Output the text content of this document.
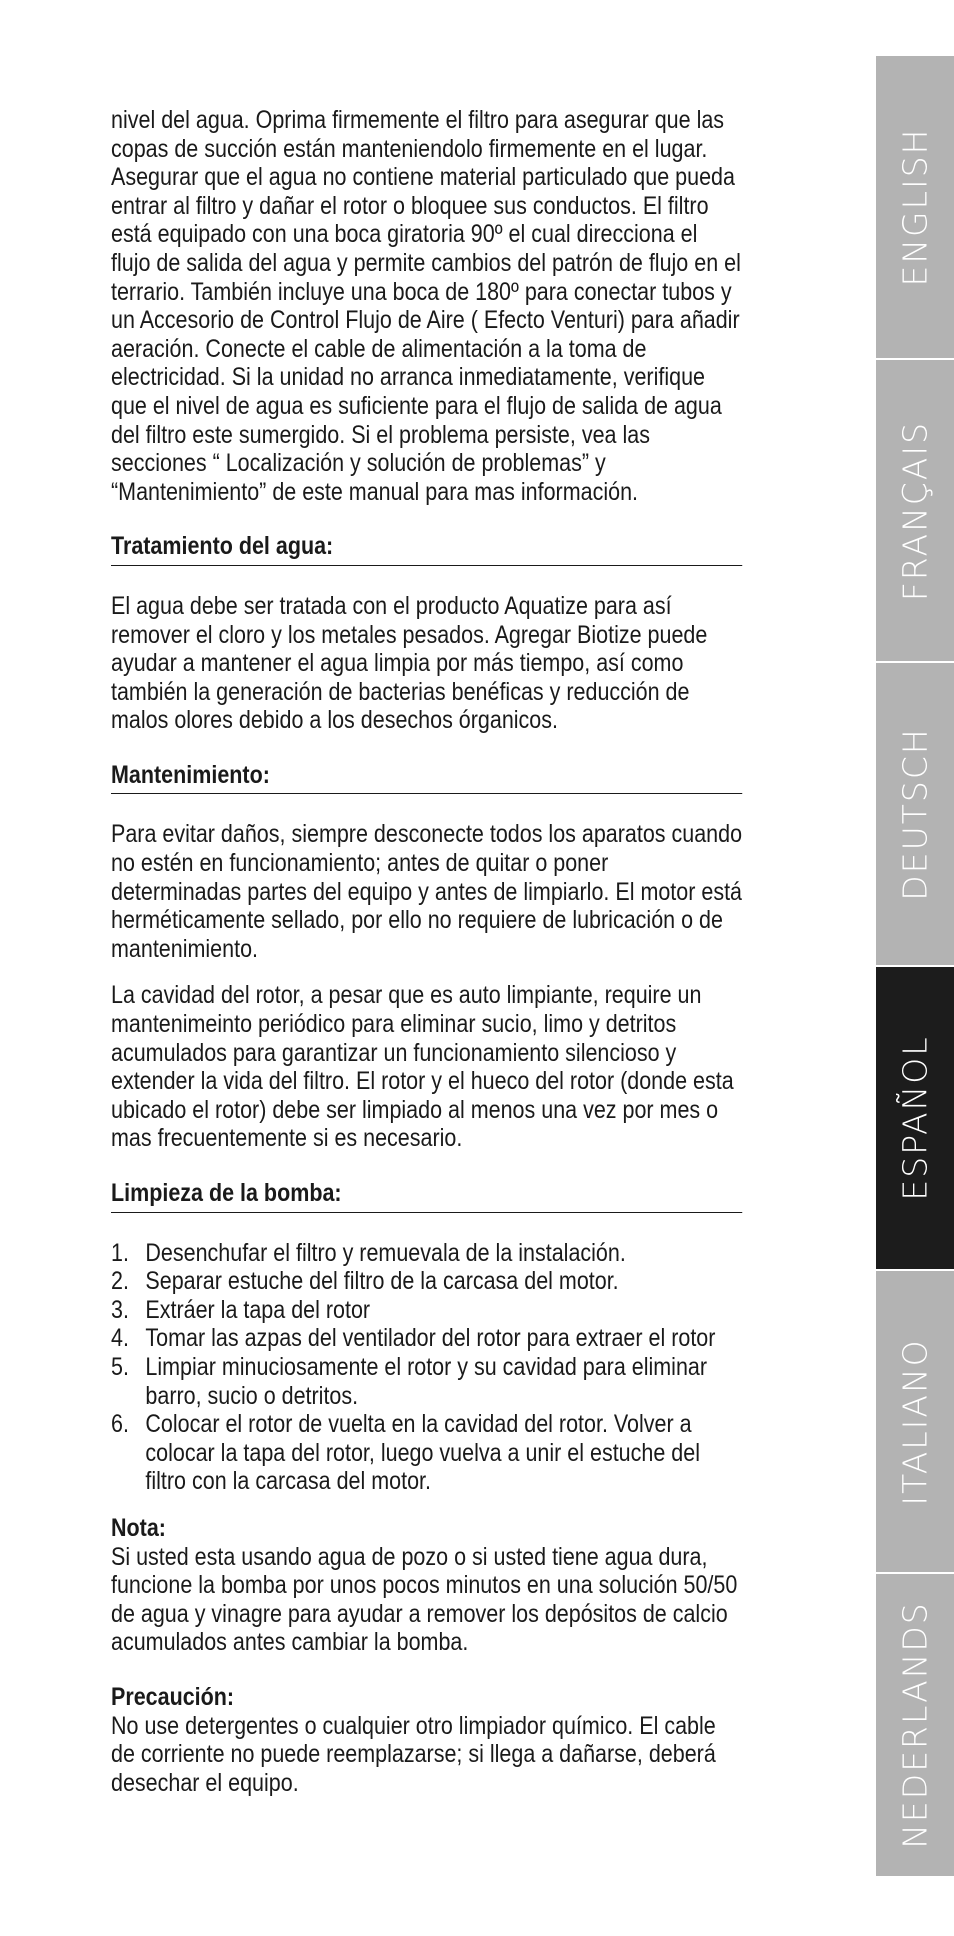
nivel del agua. Oprima firmemente el filtro para asegurar que las copas de succión están manteniendolo firmemente en el lugar. Asegurar que el agua no contiene material particulado que pueda entrar al filtro y dañar el rotor o bloquee sus conductos. El filtro está equipado con una boca giratoria 90º el cual direcciona el flujo de salida del agua y permite cambios del patrón de flujo en el terrario. También incluye una boca de 180º para conectar tubos y un Accesorio de Control Flujo de Aire ( Efecto Venturi) para añadir aeración. Conecte el cable de alimentación a la toma de electricidad. Si la unidad no arranca inmediatamente, verifique que el nivel de agua es suficiente para el flujo de salida de agua del filtro este sumergido. Si el problema persiste, vea las secciones “ Localización y solución de problemas” y “Mantenimiento” de este manual para mas información.

Tratamiento del agua:

El agua debe ser tratada con el producto Aquatize para así remover el cloro y los metales pesados. Agregar Biotize puede ayudar a mantener el agua limpia por más tiempo, así como también la generación de bacterias benéficas y reducción de malos olores debido a los desechos órganicos.

Mantenimiento:

Para evitar daños, siempre desconecte todos los aparatos cuando no estén en funcionamiento; antes de quitar o poner determinadas partes del equipo y antes de limpiarlo. El motor está herméticamente sellado, por ello no requiere de lubricación o de mantenimiento.

La cavidad del rotor, a pesar que es auto limpiante, require un mantenimeinto periódico para eliminar sucio, limo y detritos acumulados para garantizar un funcionamiento silencioso y extender la vida del filtro. El rotor y el hueco del rotor (donde esta ubicado el rotor) debe ser limpiado al menos una vez por mes o mas frecuentemente si es necesario.

Limpieza de la bomba:

1. Desenchufar el filtro y remuevala de la instalación.
2. Separar estuche del filtro de la carcasa del motor.
3. Extráer la tapa del rotor
4. Tomar las azpas del ventilador del rotor para extraer el rotor
5. Limpiar minuciosamente el rotor y su cavidad para eliminar barro, sucio o detritos.
6. Colocar el rotor de vuelta en la cavidad del rotor. Volver a colocar la tapa del rotor, luego vuelva a unir el estuche del filtro con la carcasa del motor.

Nota:

Si usted esta usando agua de pozo o si usted tiene agua dura, funcione la bomba por unos pocos minutos en una solución 50/50 de agua y vinagre para ayudar a remover los depósitos de calcio acumulados antes cambiar la bomba.

Precaución:

No use detergentes o cualquier otro limpiador químico. El cable de corriente no puede reemplazarse; si llega a dañarse, deberá desechar el equipo.

ENGLISH
FRANÇAIS
DEUTSCH
ESPAÑOL
ITALIANO
NEDERLANDS
